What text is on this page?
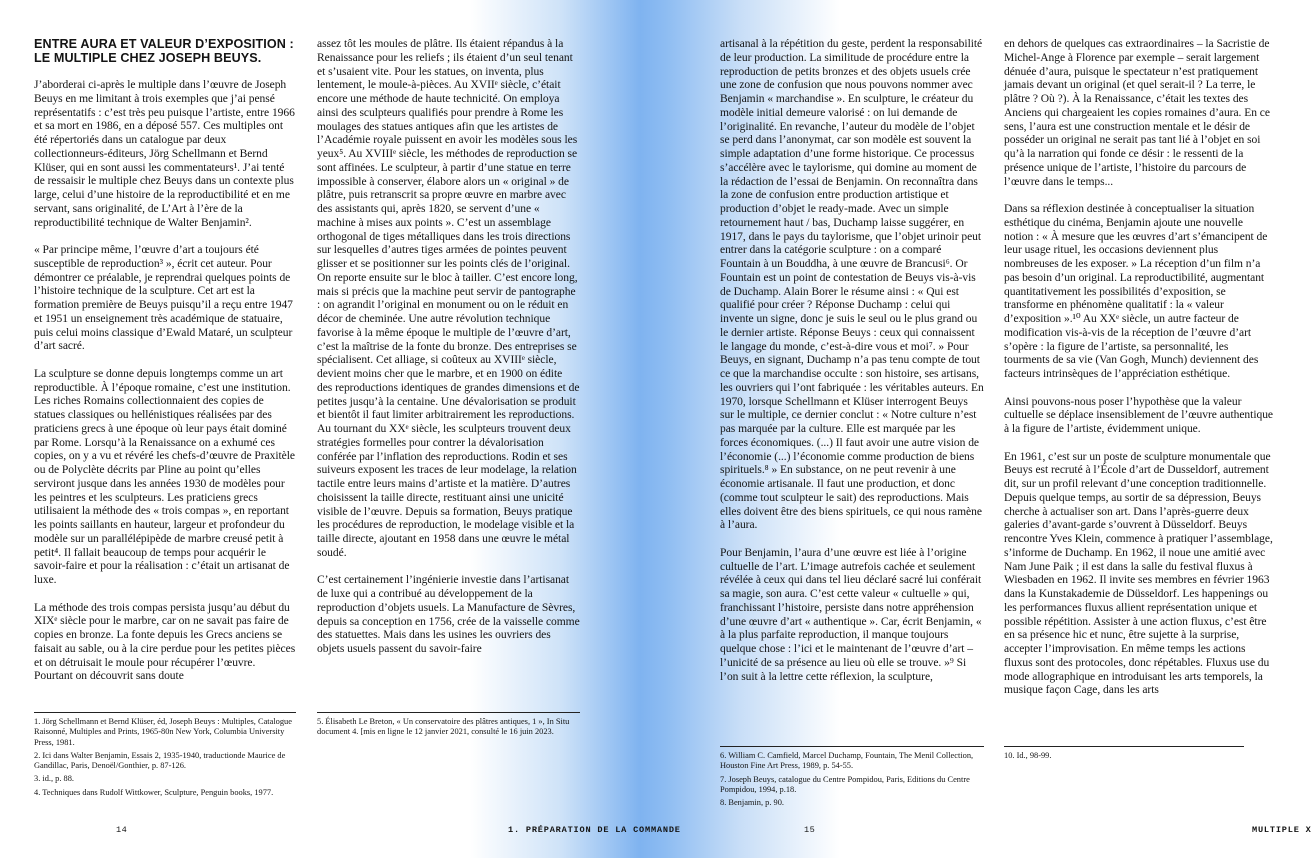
ENTRE AURA ET VALEUR D’EXPOSITION : LE MULTIPLE CHEZ JOSEPH BEUYS.

J’aborderai ci-après le multiple dans l’œuvre de Joseph Beuys en me limitant à trois exemples que j’ai pensé représentatifs : c’est très peu puisque l’artiste, entre 1966 et sa mort en 1986, en a déposé 557. Ces multiples ont été répertoriés dans un catalogue par deux collectionneurs-éditeurs, Jörg Schellmann et Bernd Klüser, qui en sont aussi les commentateurs¹. J’ai tenté de ressaisir le multiple chez Beuys dans un contexte plus large, celui d’une histoire de la reproductibilité et en me servant, sans originalité, de L’Art à l’ère de la reproductibilité technique de Walter Benjamin².

« Par principe même, l’œuvre d’art a toujours été susceptible de reproduction³ », écrit cet auteur. Pour démontrer ce préalable, je reprendrai quelques points de l’histoire technique de la sculpture. Cet art est la formation première de Beuys puisqu’il a reçu entre 1947 et 1951 un enseignement très académique de statuaire, puis celui moins classique d’Ewald Mataré, un sculpteur d’art sacré.

La sculpture se donne depuis longtemps comme un art reproductible. À l’époque romaine, c’est une institution. Les riches Romains collectionnaient des copies de statues classiques ou hellénistiques réalisées par des praticiens grecs à une époque où leur pays était dominé par Rome. Lorsqu’à la Renaissance on a exhumé ces copies, on y a vu et révéré les chefs-d’œuvre de Praxitèle ou de Polyclète décrits par Pline au point qu’elles serviront jusque dans les années 1930 de modèles pour les peintres et les sculpteurs. Les praticiens grecs utilisaient la méthode des « trois compas », en reportant les points saillants en hauteur, largeur et profondeur du modèle sur un parallélépipède de marbre creusé petit à petit⁴. Il fallait beaucoup de temps pour acquérir le savoir-faire et pour la réalisation : c’était un artisanat de luxe.

La méthode des trois compas persista jusqu’au début du XIXᵉ siècle pour le marbre, car on ne savait pas faire de copies en bronze. La fonte depuis les Grecs anciens se faisait au sable, ou à la cire perdue pour les petites pièces et on détruisait le moule pour récupérer l’œuvre. Pourtant on découvrit sans doute

assez tôt les moules de plâtre. Ils étaient répandus à la Renaissance pour les reliefs ; ils étaient d’un seul tenant et s’usaient vite. Pour les statues, on inventa, plus lentement, le moule-à-pièces. Au XVIIᵉ siècle, c’était encore une méthode de haute technicité. On employa ainsi des sculpteurs qualifiés pour prendre à Rome les moulages des statues antiques afin que les artistes de l’Académie royale puissent en avoir les modèles sous les yeux⁵. Au XVIIIᵉ siècle, les méthodes de reproduction se sont affinées. Le sculpteur, à partir d’une statue en terre impossible à conserver, élabore alors un « original » de plâtre, puis retranscrit sa propre œuvre en marbre avec des assistants qui, après 1820, se servent d’une « machine à mises aux points ». C’est un assemblage orthogonal de tiges métalliques dans les trois directions sur lesquelles d’autres tiges armées de pointes peuvent glisser et se positionner sur les points clés de l’original. On reporte ensuite sur le bloc à tailler. C’est encore long, mais si précis que la machine peut servir de pantographe : on agrandit l’original en monument ou on le réduit en décor de cheminée. Une autre révolution technique favorise à la même époque le multiple de l’œuvre d’art, c’est la maîtrise de la fonte du bronze. Des entreprises se spécialisent. Cet alliage, si coûteux au XVIIIᵉ siècle, devient moins cher que le marbre, et en 1900 on édite des reproductions identiques de grandes dimensions et de petites jusqu’à la centaine. Une dévalorisation se produit et bientôt il faut limiter arbitrairement les reproductions. Au tournant du XXᵉ siècle, les sculpteurs trouvent deux stratégies formelles pour contrer la dévalorisation conférée par l’inflation des reproductions. Rodin et ses suiveurs exposent les traces de leur modelage, la relation tactile entre leurs mains d’artiste et la matière. D’autres choisissent la taille directe, restituant ainsi une unicité visible de l’œuvre. Depuis sa formation, Beuys pratique les procédures de reproduction, le modelage visible et la taille directe, ajoutant en 1958 dans une œuvre le métal soudé.

C’est certainement l’ingénierie investie dans l’artisanat de luxe qui a contribué au développement de la reproduction d’objets usuels. La Manufacture de Sèvres, depuis sa conception en 1756, crée de la vaisselle comme des statuettes. Mais dans les usines les ouvriers des objets usuels passent du savoir-faire

1. Jörg Schellmann et Bernd Klüser, éd, Joseph Beuys : Multiples, Catalogue Raisonné, Multiples and Prints, 1965-80n New York, Columbia University Press, 1981.

2. Ici dans Walter Benjamin, Essais 2, 1935-1940, traductionde Maurice de Gandillac, Paris, Denoël/Gonthier, p. 87-126.

3. id., p. 88.

4. Techniques dans Rudolf Wittkower, Sculpture, Penguin books, 1977.

5. Élisabeth Le Breton, « Un conservatoire des plâtres antiques, 1 », In Situ document 4. [mis en ligne le 12 janvier 2021, consulté le 16 juin 2023.

14	1. PRÉPARATION DE LA COMMANDE

artisanal à la répétition du geste, perdent la responsabilité de leur production. La similitude de procédure entre la reproduction de petits bronzes et des objets usuels crée une zone de confusion que nous pouvons nommer avec Benjamin « marchandise ». En sculpture, le créateur du modèle initial demeure valorisé : on lui demande de l’originalité. En revanche, l’auteur du modèle de l’objet se perd dans l’anonymat, car son modèle est souvent la simple adaptation d’une forme historique. Ce processus s’accélère avec le taylorisme, qui domine au moment de la rédaction de l’essai de Benjamin. On reconnaîtra dans la zone de confusion entre production artistique et production d’objet le ready-made. Avec un simple retournement haut / bas, Duchamp laisse suggérer, en 1917, dans le pays du taylorisme, que l’objet urinoir peut entrer dans la catégorie sculpture : on a comparé Fountain à un Bouddha, à une œuvre de Brancusi⁶. Or Fountain est un point de contestation de Beuys vis-à-vis de Duchamp. Alain Borer le résume ainsi : « Qui est qualifié pour créer ? Réponse Duchamp : celui qui invente un signe, donc je suis le seul ou le plus grand ou le dernier artiste. Réponse Beuys : ceux qui connaissent le langage du monde, c’est-à-dire vous et moi⁷. » Pour Beuys, en signant, Duchamp n’a pas tenu compte de tout ce que la marchandise occulte : son histoire, ses artisans, les ouvriers qui l’ont fabriquée : les véritables auteurs. En 1970, lorsque Schellmann et Klüser interrogent Beuys sur le multiple, ce dernier conclut : « Notre culture n’est pas marquée par la culture. Elle est marquée par les forces économiques. (...) Il faut avoir une autre vision de l’économie (...) l’économie comme production de biens spirituels.⁸ » En substance, on ne peut revenir à une économie artisanale. Il faut une production, et donc (comme tout sculpteur le sait) des reproductions. Mais elles doivent être des biens spirituels, ce qui nous ramène à l’aura.

Pour Benjamin, l’aura d’une œuvre est liée à l’origine cultuelle de l’art. L’image autrefois cachée et seulement révélée à ceux qui dans tel lieu déclaré sacré lui conférait sa magie, son aura. C’est cette valeur « cultuelle » qui, franchissant l’histoire, persiste dans notre appréhension d’une œuvre d’art « authentique ». Car, écrit Benjamin, « à la plus parfaite reproduction, il manque toujours quelque chose : l’ici et le maintenant de l’œuvre d’art – l’unicité de sa présence au lieu où elle se trouve. »⁹ Si l’on suit à la lettre cette réflexion, la sculpture,

en dehors de quelques cas extraordinaires – la Sacristie de Michel-Ange à Florence par exemple – serait largement dénuée d’aura, puisque le spectateur n’est pratiquement jamais devant un original (et quel serait-il ? La terre, le plâtre ? Où ?). À la Renaissance, c’était les textes des Anciens qui chargeaient les copies romaines d’aura. En ce sens, l’aura est une construction mentale et le désir de posséder un original ne serait pas tant lié à l’objet en soi qu’à la narration qui fonde ce désir : le ressenti de la présence unique de l’artiste, l’histoire du parcours de l’œuvre dans le temps...

Dans sa réflexion destinée à conceptualiser la situation esthétique du cinéma, Benjamin ajoute une nouvelle notion : « À mesure que les œuvres d’art s’émancipent de leur usage rituel, les occasions deviennent plus nombreuses de les exposer. » La réception d’un film n’a pas besoin d’un original. La reproductibilité, augmentant quantitativement les possibilités d’exposition, se transforme en phénomène qualitatif : la « valeur d’exposition ».¹⁰ Au XXᵉ siècle, un autre facteur de modification vis-à-vis de la réception de l’œuvre d’art s’opère : la figure de l’artiste, sa personnalité, les tourments de sa vie (Van Gogh, Munch) deviennent des facteurs intrinsèques de l’appréciation esthétique.

Ainsi pouvons-nous poser l’hypothèse que la valeur cultuelle se déplace insensiblement de l’œuvre authentique à la figure de l’artiste, évidemment unique.

En 1961, c’est sur un poste de sculpture monumentale que Beuys est recruté à l’École d’art de Dusseldorf, autrement dit, sur un profil relevant d’une conception traditionnelle. Depuis quelque temps, au sortir de sa dépression, Beuys cherche à actualiser son art. Dans l’après-guerre deux galeries d’avant-garde s’ouvrent à Düsseldorf. Beuys rencontre Yves Klein, commence à pratiquer l’assemblage, s’informe de Duchamp. En 1962, il noue une amitié avec Nam June Paik ; il est dans la salle du festival fluxus à Wiesbaden en 1962. Il invite ses membres en février 1963 dans la Kunstakademie de Düsseldorf. Les happenings ou les performances fluxus allient représentation unique et possible répétition. Assister à une action fluxus, c’est être en sa présence hic et nunc, être sujette à la surprise, accepter l’improvisation. En même temps les actions fluxus sont des protocoles, donc répétables. Fluxus use du mode allographique en introduisant les arts temporels, la musique façon Cage, dans les arts

6. William C. Camfield, Marcel Duchamp, Fountain, The Menil Collection, Houston Fine Art Press, 1989, p. 54-55.

7. Joseph Beuys, catalogue du Centre Pompidou, Paris, Editions du Centre Pompidou, 1994, p.18.

8. Benjamin, p. 90.

10. Id., 98-99.

15	MULTIPLE X
